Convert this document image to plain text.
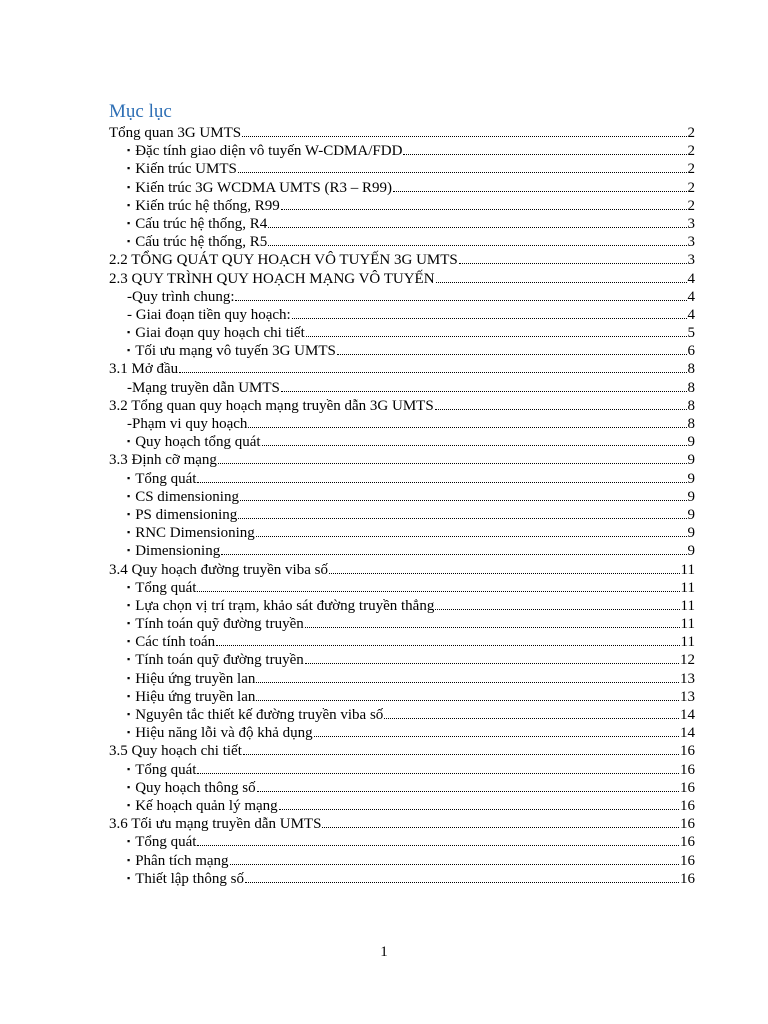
Mục lục
Tổng quan 3G UMTS	2
▪ Đặc tính giao diện vô tuyến W-CDMA/FDD	2
▪ Kiến trúc UMTS	2
▪ Kiến trúc 3G WCDMA UMTS (R3 – R99)	2
▪ Kiến trúc hệ thống, R99	2
▪ Cấu trúc hệ thống, R4	3
▪ Cấu trúc hệ thống, R5	3
2.2 TỔNG QUÁT QUY HOẠCH VÔ TUYẾN 3G UMTS	3
2.3 QUY TRÌNH QUY HOẠCH MẠNG VÔ TUYẾN	4
-Quy trình chung:	4
- Giai đoạn tiền quy hoạch:	4
▪ Giai đoạn quy hoạch chi tiết	5
▪ Tối ưu mạng vô tuyến 3G UMTS	6
3.1 Mở đầu	8
-Mạng truyền dẫn UMTS	8
3.2 Tổng quan quy hoạch mạng truyền dẫn 3G UMTS	8
-Phạm vi quy hoạch	8
▪ Quy hoạch tổng quát	9
3.3 Định cỡ mạng	9
▪ Tổng quát	9
▪ CS dimensioning	9
▪ PS dimensioning	9
▪ RNC Dimensioning	9
▪ Dimensioning	9
3.4 Quy hoạch đường truyền viba số	11
▪ Tổng quát	11
▪ Lựa chọn vị trí trạm, khảo sát đường truyền thẳng	11
▪ Tính toán quỹ đường truyền	11
▪ Các tính toán	11
▪ Tính toán quỹ đường truyền	12
▪ Hiệu ứng truyền lan	13
▪ Hiệu ứng truyền lan	13
▪ Nguyên tắc thiết kế đường truyền viba số	14
▪ Hiệu năng lỗi và độ khả dụng	14
3.5 Quy hoạch chi tiết	16
▪ Tổng quát	16
▪ Quy hoạch thông số	16
▪ Kế hoạch quản lý mạng	16
3.6 Tối ưu mạng truyền dẫn UMTS	16
▪ Tổng quát	16
▪ Phân tích mạng	16
▪ Thiết lập thông số	16
1
